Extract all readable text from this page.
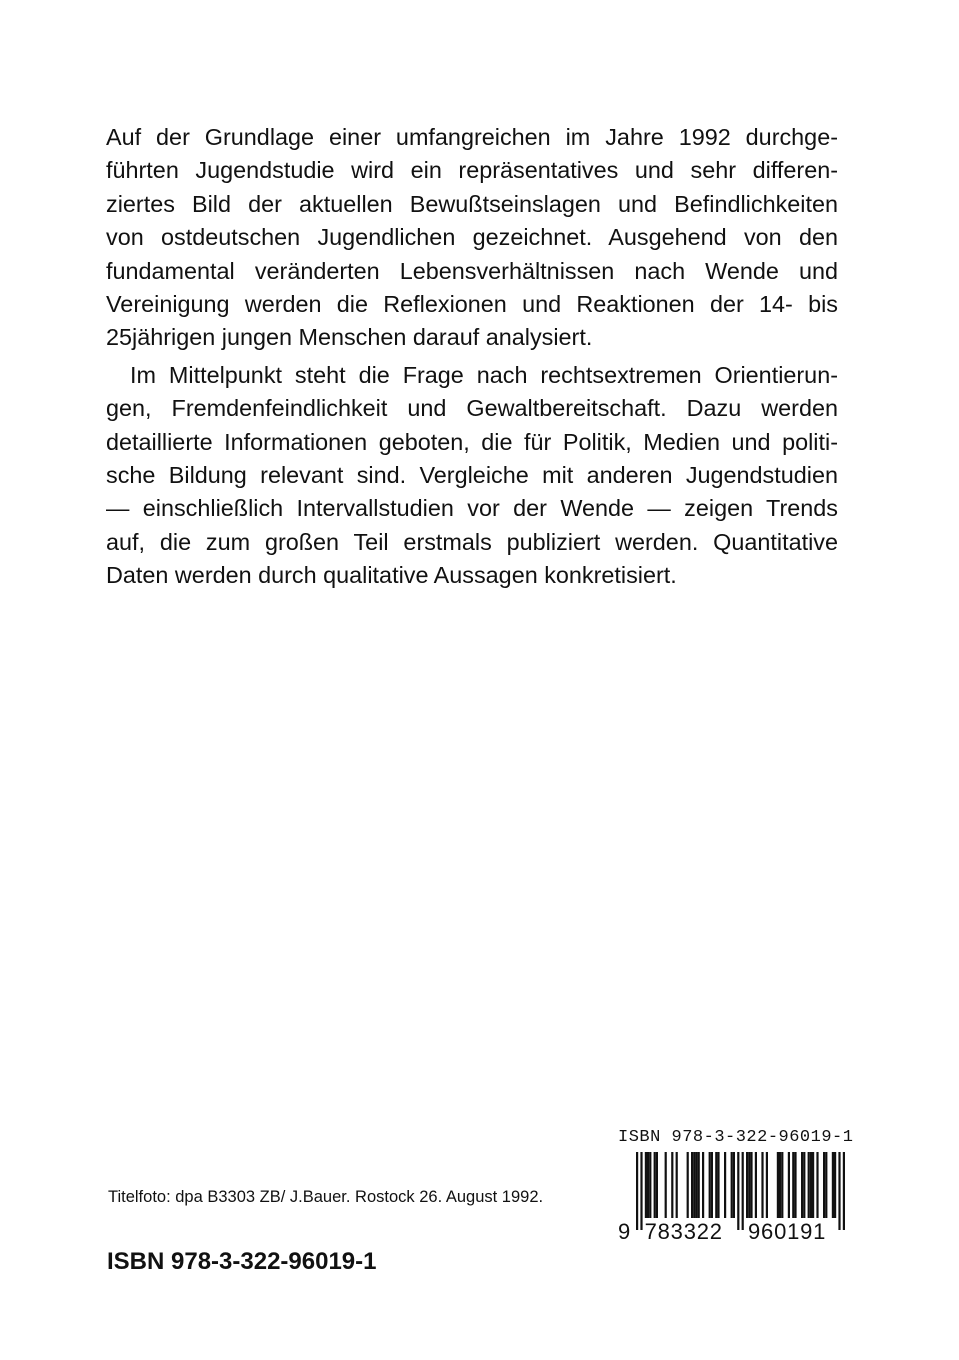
Auf der Grundlage einer umfangreichen im Jahre 1992 durchge-
führten Jugendstudie wird ein repräsentatives und sehr differen-
ziertes Bild der aktuellen Bewußtseinslagen und Befindlichkeiten
von ostdeutschen Jugendlichen gezeichnet. Ausgehend von den
fundamental veränderten Lebensverhältnissen nach Wende und
Vereinigung werden die Reflexionen und Reaktionen der 14- bis
25jährigen jungen Menschen darauf analysiert.

Im Mittelpunkt steht die Frage nach rechtsextremen Orientierun-
gen, Fremdenfeindlichkeit und Gewaltbereitschaft. Dazu werden
detaillierte Informationen geboten, die für Politik, Medien und politi-
sche Bildung relevant sind. Vergleiche mit anderen Jugendstudien
— einschließlich Intervallstudien vor der Wende — zeigen Trends
auf, die zum großen Teil erstmals publiziert werden. Quantitative
Daten werden durch qualitative Aussagen konkretisiert.

Titelfoto: dpa B3303 ZB/ J.Bauer. Rostock 26. August 1992.
ISBN 978-3-322-96019-1
ISBN 978-3-322-96019-1
9 783322 960191
